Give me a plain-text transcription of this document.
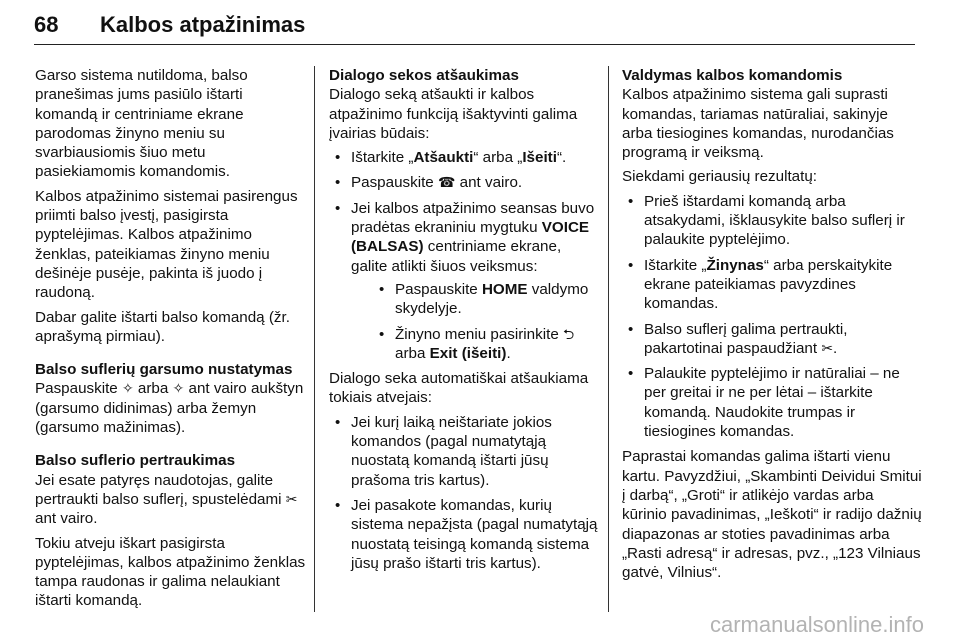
68	Kalbos atpažinimas

Garso sistema nutildoma, balso pranešimas jums pasiūlo ištarti komandą ir centriniame ekrane parodomas žinyno meniu su svarbiausiomis šiuo metu pasiekiamomis komandomis.

Kalbos atpažinimo sistemai pasirengus priimti balso įvestį, pasigirsta pyptelėjimas. Kalbos atpažinimo ženklas, pateikiamas žinyno meniu dešinėje pusėje, pakinta iš juodo į raudoną.

Dabar galite ištarti balso komandą (žr. aprašymą pirmiau).

Balso suflerių garsumo nustatymas

Paspauskite ✧ arba ✧ ant vairo aukštyn (garsumo didinimas) arba žemyn (garsumo mažinimas).

Balso suflerio pertraukimas

Jei esate patyręs naudotojas, galite pertraukti balso suflerį, spustelėdami ✂ ant vairo.

Tokiu atveju iškart pasigirsta pyptelėjimas, kalbos atpažinimo ženklas tampa raudonas ir galima nelaukiant ištarti komandą.

Dialogo sekos atšaukimas

Dialogo seką atšaukti ir kalbos atpažinimo funkciją išaktyvinti galima įvairias būdais:

• Ištarkite „Atšaukti“ arba „Išeiti“.
• Paspauskite ☎ ant vairo.
• Jei kalbos atpažinimo seansas buvo pradėtas ekraniniu mygtuku VOICE (BALSAS) centriniame ekrane, galite atlikti šiuos veiksmus:
• Paspauskite HOME valdymo skydelyje.
• Žinyno meniu pasirinkite ⮌ arba Exit (išeiti).

Dialogo seka automatiškai atšaukiama tokiais atvejais:

• Jei kurį laiką neištariate jokios komandos (pagal numatytąją nuostatą komandą ištarti jūsų prašoma tris kartus).
• Jei pasakote komandas, kurių sistema nepažįsta (pagal numatytąją nuostatą teisingą komandą sistema jūsų prašo ištarti tris kartus).
Valdymas kalbos komandomis

Kalbos atpažinimo sistema gali suprasti komandas, tariamas natūraliai, sakinyje arba tiesiogines komandas, nurodančias programą ir veiksmą.

Siekdami geriausių rezultatų:

• Prieš ištardami komandą arba atsakydami, išklausykite balso suflerį ir palaukite pyptelėjimo.
• Ištarkite „Žinynas“ arba perskaitykite ekrane pateikiamas pavyzdines komandas.
• Balso suflerį galima pertraukti, pakartotinai paspaudžiant ✂.
• Palaukite pyptelėjimo ir natūraliai – ne per greitai ir ne per lėtai – ištarkite komandą. Naudokite trumpas ir tiesiogines komandas.

Paprastai komandas galima ištarti vienu kartu. Pavyzdžiui, „Skambinti Deividui Smitui į darbą“, „Groti“ ir atlikėjo vardas arba kūrinio pavadinimas, „Ieškoti“ ir radijo dažnių diapazonas ar stoties pavadinimas arba „Rasti adresą“ ir adresas, pvz., „123 Vilniaus gatvė, Vilnius“.

carmanualsonline.info
